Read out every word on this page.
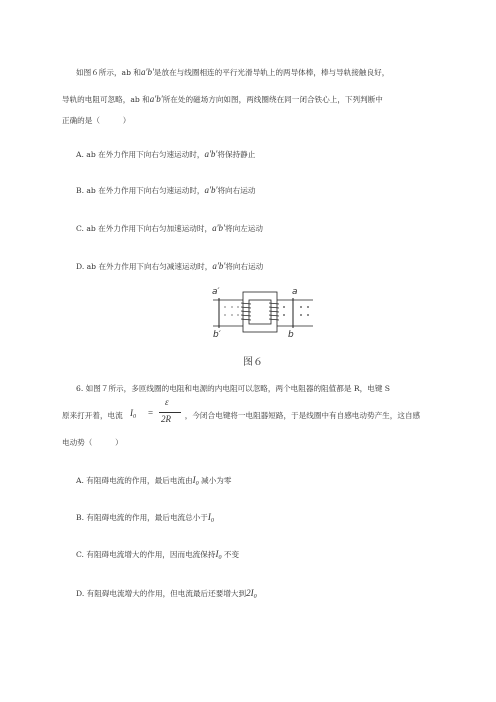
如图６所示，ab 和a′b′是放在与线圈相连的平行光滑导轨上的两导体棒，棒与导轨接触良好，
导轨的电阻可忽略，ab 和a′b′所在处的磁场方向如图，两线圈绕在同一闭合铁心上，下列判断中
正确的是（　　　）
A. ab 在外力作用下向右匀速运动时，a′b′将保持静止
B. ab 在外力作用下向右匀速运动时，a′b′将向右运动
C. ab 在外力作用下向右匀加速运动时，a′b′将向左运动
D. ab 在外力作用下向右匀减速运动时，a′b′将向右运动
a′
b′
a
b
图６
6. 如图７所示，多匝线圈的电阻和电源的内电阻可以忽略，两个电阻器的阻值都是 R，电键 S
原来打开着，电流	，今闭合电键将一电阻器短路，于是线圈中有自感电动势产生，这自感
$I_0$ =
ε
2R
电动势（　　　）
A. 有阻碍电流的作用，最后电流由$I_0$ 减小为零
B. 有阻碍电流的作用，最后电流总小于$I_0$
C. 有阻碍电流增大的作用，因而电流保持$I_0$ 不变
D. 有阻碍电流增大的作用，但电流最后还要增大到$2I_0$
